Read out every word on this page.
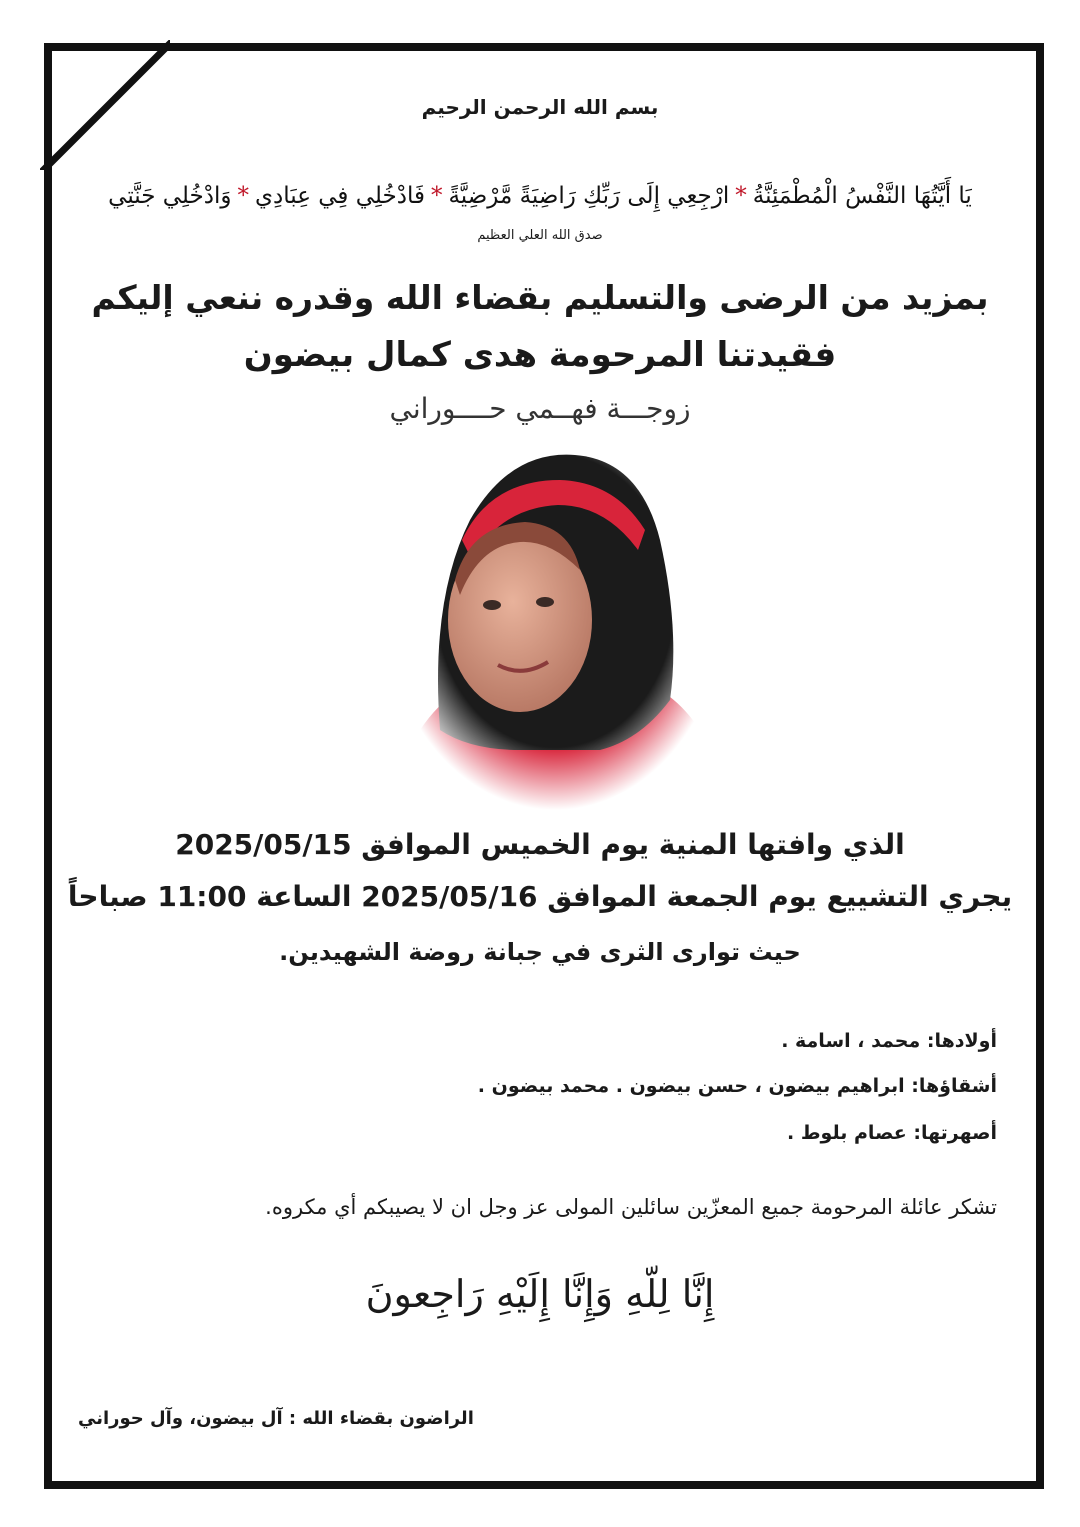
بسم الله الرحمن الرحيم
يَا أَيَّتُهَا النَّفْسُ الْمُطْمَئِنَّةُ*ارْجِعِي إِلَى رَبِّكِ رَاضِيَةً مَّرْضِيَّةً*فَادْخُلِي فِي عِبَادِي*وَادْخُلِي جَنَّتِي
صدق الله العلي العظيم
بمزيد من الرضى والتسليم بقضاء الله وقدره ننعي إليكم
فقيدتنا المرحومة هدى كمال بيضون
زوجـــة فهــمي حــــوراني
الذي وافتها المنية يوم الخميس الموافق 2025/05/15
يجري التشييع يوم الجمعة الموافق 2025/05/16 الساعة 11:00 صباحاً
حيث توارى الثرى في جبانة روضة الشهيدين.
أولادها: محمد ، اسامة .
أشقاؤها: ابراهيم بيضون ، حسن بيضون . محمد بيضون .
أصهرتها: عصام بلوط .
تشكر عائلة المرحومة جميع المعزّين سائلين المولى عز وجل ان لا يصيبكم أي مكروه.
إِنَّا لِلّهِ وَإِنَّا إِلَيْهِ رَاجِعونَ
الراضون بقضاء الله : آل بيضون، وآل حوراني
